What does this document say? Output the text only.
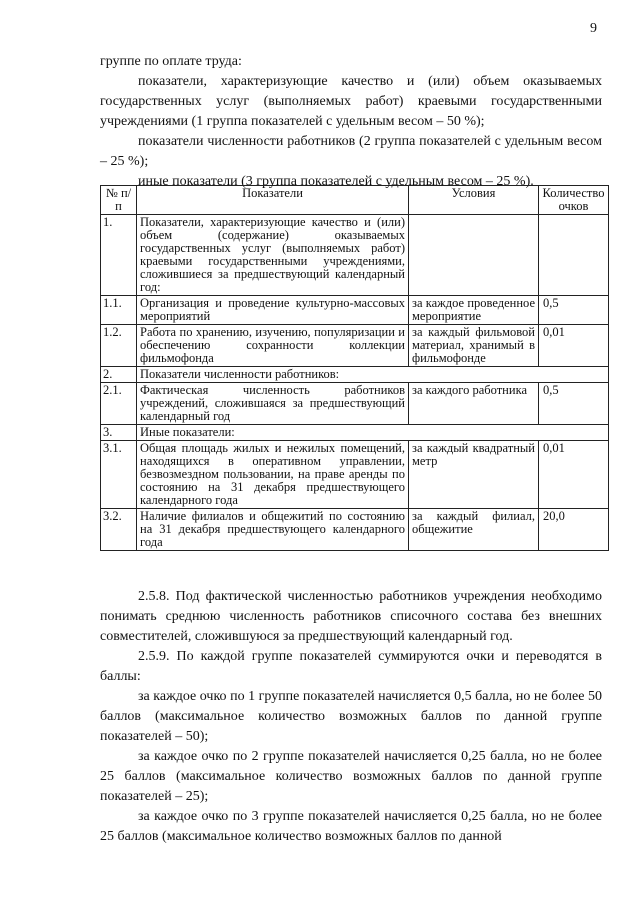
9

группе по оплате труда:

показатели, характеризующие качество и (или) объем оказываемых государственных услуг (выполняемых работ) краевыми государственными учреждениями (1 группа показателей с удельным весом – 50 %);

показатели численности работников (2 группа показателей с удельным весом – 25 %);

иные показатели (3 группа показателей с удельным весом – 25 %).

№ п/п	Показатели	Условия	Количество очков
1.	Показатели, характеризующие качество и (или) объем (содержание) оказываемых государственных услуг (выполняемых работ) краевыми государственными учреждениями, сложившиеся за предшествующий календарный год:		
1.1.	Организация и проведение культурно-массовых мероприятий	за каждое проведенное мероприятие	0,5
1.2.	Работа по хранению, изучению, популяризации и обеспечению сохранности коллекции фильмофонда	за каждый фильмовой материал, хранимый в фильмофонде	0,01
2.	Показатели численности работников:		
2.1.	Фактическая численность работников учреждений, сложившаяся за предшествующий календарный год	за каждого работника	0,5
3.	Иные показатели:		
3.1.	Общая площадь жилых и нежилых помещений, находящихся в оперативном управлении, безвозмездном пользовании, на праве аренды по состоянию на 31 декабря предшествующего календарного года	за каждый квадратный метр	0,01
3.2.	Наличие филиалов и общежитий по состоянию на 31 декабря предшествующего календарного года	за каждый филиал, общежитие	20,0

2.5.8. Под фактической численностью работников учреждения необходимо понимать среднюю численность работников списочного состава без внешних совместителей, сложившуюся за предшествующий календарный год.

2.5.9. По каждой группе показателей суммируются очки и переводятся в баллы:

за каждое очко по 1 группе показателей начисляется 0,5 балла, но не более 50 баллов (максимальное количество возможных баллов по данной группе показателей – 50);

за каждое очко по 2 группе показателей начисляется 0,25 балла, но не более 25 баллов (максимальное количество возможных баллов по данной группе показателей – 25);

за каждое очко по 3 группе показателей начисляется 0,25 балла, но не более 25 баллов (максимальное количество возможных баллов по данной
